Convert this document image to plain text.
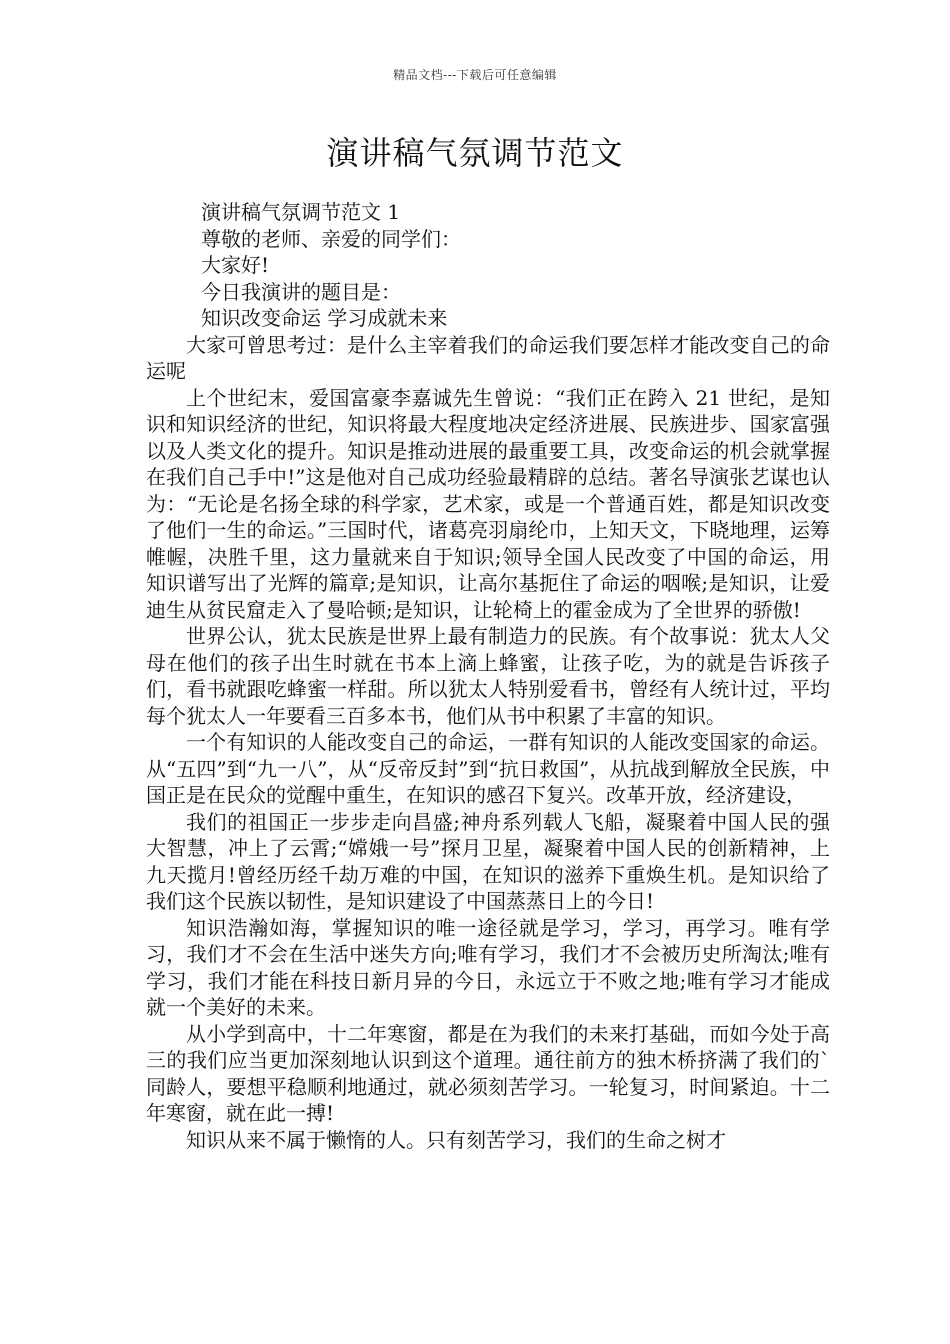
精品文档---下载后可任意编辑
演讲稿气氛调节范文

演讲稿气氛调节范文 1

尊敬的老师、亲爱的同学们：

大家好!

今日我演讲的题目是：

知识改变命运 学习成就未来

大家可曾思考过：是什么主宰着我们的命运我们要怎样才能改变自己的命运呢

上个世纪末，爱国富豪李嘉诚先生曾说：“我们正在跨入 21 世纪，是知识和知识经济的世纪，知识将最大程度地决定经济进展、民族进步、国家富强以及人类文化的提升。知识是推动进展的最重要工具，改变命运的机会就掌握在我们自己手中!”这是他对自己成功经验最精辟的总结。著名导演张艺谋也认为：“无论是名扬全球的科学家，艺术家，或是一个普通百姓，都是知识改变了他们一生的命运。”三国时代，诸葛亮羽扇纶巾，上知天文，下晓地理，运筹帷幄，决胜千里，这力量就来自于知识;领导全国人民改变了中国的命运，用知识谱写出了光辉的篇章;是知识，让高尔基扼住了命运的咽喉;是知识，让爱迪生从贫民窟走入了曼哈顿;是知识，让轮椅上的霍金成为了全世界的骄傲!

世界公认，犹太民族是世界上最有制造力的民族。有个故事说：犹太人父母在他们的孩子出生时就在书本上滴上蜂蜜，让孩子吃，为的就是告诉孩子们，看书就跟吃蜂蜜一样甜。所以犹太人特别爱看书，曾经有人统计过，平均每个犹太人一年要看三百多本书，他们从书中积累了丰富的知识。

一个有知识的人能改变自己的命运，一群有知识的人能改变国家的命运。从“五四”到“九一八”，从“反帝反封”到“抗日救国”，从抗战到解放全民族，中国正是在民众的觉醒中重生，在知识的感召下复兴。改革开放，经济建设，

我们的祖国正一步步走向昌盛;神舟系列载人飞船，凝聚着中国人民的强大智慧，冲上了云霄;“嫦娥一号”探月卫星，凝聚着中国人民的创新精神，上九天揽月!曾经历经千劫万难的中国，在知识的滋养下重焕生机。是知识给了我们这个民族以韧性，是知识建设了中国蒸蒸日上的今日!

知识浩瀚如海，掌握知识的唯一途径就是学习，学习，再学习。唯有学习，我们才不会在生活中迷失方向;唯有学习，我们才不会被历史所淘汰;唯有学习，我们才能在科技日新月异的今日，永远立于不败之地;唯有学习才能成就一个美好的未来。

从小学到高中，十二年寒窗，都是在为我们的未来打基础，而如今处于高三的我们应当更加深刻地认识到这个道理。通往前方的独木桥挤满了我们的`同龄人，要想平稳顺利地通过，就必须刻苦学习。一轮复习，时间紧迫。十二年寒窗，就在此一搏!

知识从来不属于懒惰的人。只有刻苦学习，我们的生命之树才
